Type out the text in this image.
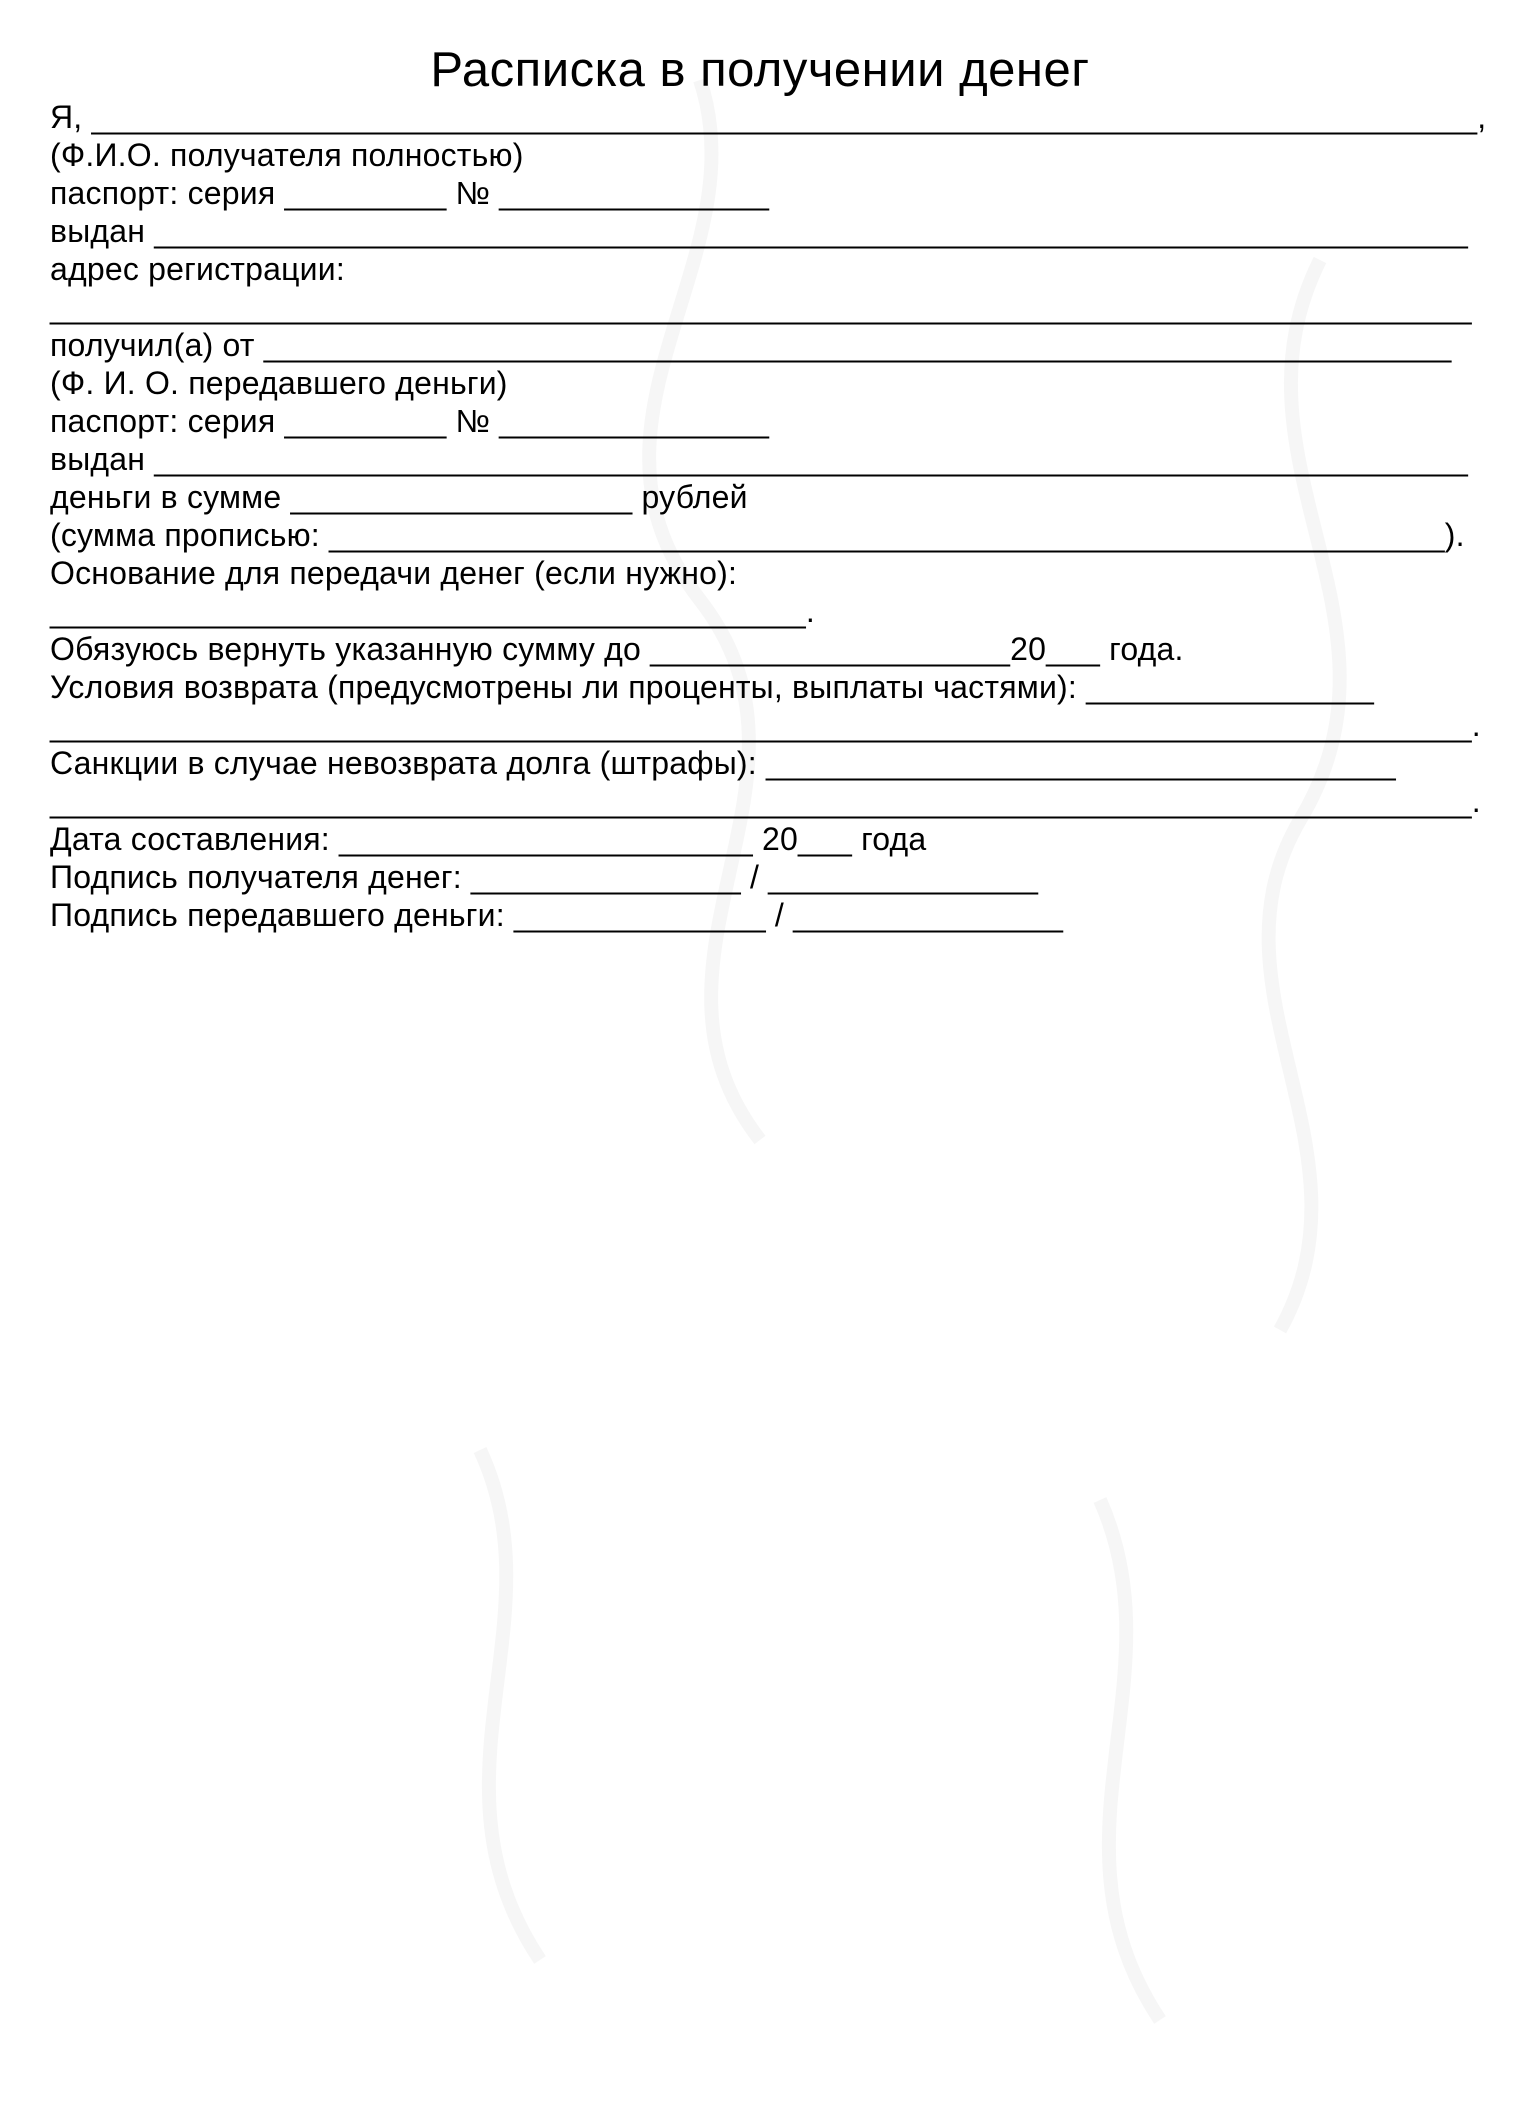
Расписка в получении денег

Я, _____________________________________________________________________________,

(Ф.И.О. получателя полностью)

паспорт: серия _________ № _______________

выдан _________________________________________________________________________

адрес регистрации:

_______________________________________________________________________________

получил(а) от __________________________________________________________________

(Ф. И. О. передавшего деньги)

паспорт: серия _________ № _______________

выдан _________________________________________________________________________

деньги в сумме ___________________ рублей

(сумма прописью: ______________________________________________________________).

Основание для передачи денег (если нужно):

__________________________________________.

Обязуюсь вернуть указанную сумму до ____________________20___ года.

Условия возврата (предусмотрены ли проценты, выплаты частями): ________________

_______________________________________________________________________________.

Санкции в случае невозврата долга (штрафы): ___________________________________

_______________________________________________________________________________.

Дата составления: _______________________ 20___ года

Подпись получателя денег: _______________ / _______________

Подпись передавшего деньги: ______________ / _______________
